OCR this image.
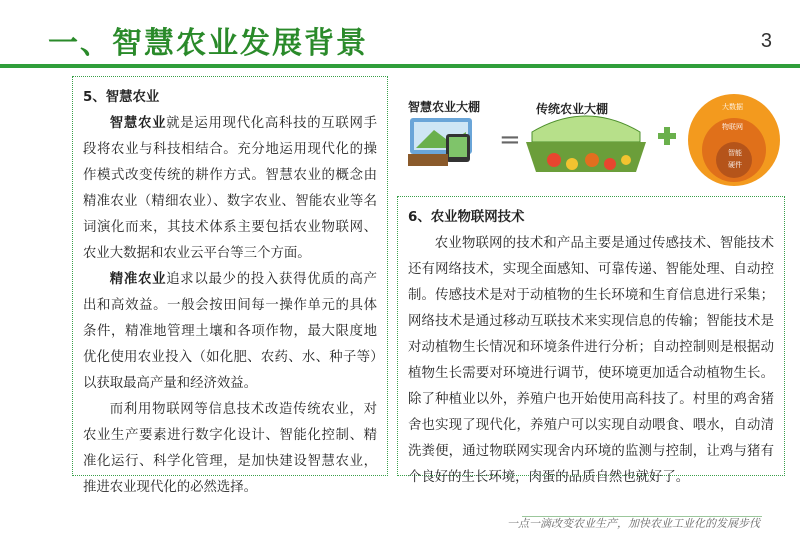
一、智慧农业发展背景	3
5、智慧农业

智慧农业就是运用现代化高科技的互联网手段将农业与科技相结合。充分地运用现代化的操作模式改变传统的耕作方式。智慧农业的概念由精准农业（精细农业）、数字农业、智能农业等名词演化而来，其技术体系主要包括农业物联网、农业大数据和农业云平台等三个方面。

精准农业追求以最少的投入获得优质的高产出和高效益。一般会按田间每一操作单元的具体条件，精准地管理土壤和各项作物，最大限度地优化使用农业投入（如化肥、农药、水、种子等）以获取最高产量和经济效益。

而利用物联网等信息技术改造传统农业，对农业生产要素进行数字化设计、智能化控制、精准化运行、科学化管理，是加快建设智慧农业，推进农业现代化的必然选择。

智慧农业大棚
=
传统农业大棚	大数据
物联网
智能
硬件
6、农业物联网技术

农业物联网的技术和产品主要是通过传感技术、智能技术还有网络技术，实现全面感知、可靠传递、智能处理、自动控制。传感技术是对于动植物的生长环境和生育信息进行采集；网络技术是通过移动互联技术来实现信息的传输；智能技术是对动植物生长情况和环境条件进行分析；自动控制则是根据动植物生长需要对环境进行调节，使环境更加适合动植物生长。除了种植业以外，养殖户也开始使用高科技了。村里的鸡舍猪舍也实现了现代化，养殖户可以实现自动喂食、喂水，自动清洗粪便，通过物联网实现舍内环境的监测与控制，让鸡与猪有个良好的生长环境，肉蛋的品质自然也就好了。

一点一滴改变农业生产，加快农业工业化的发展步伐
